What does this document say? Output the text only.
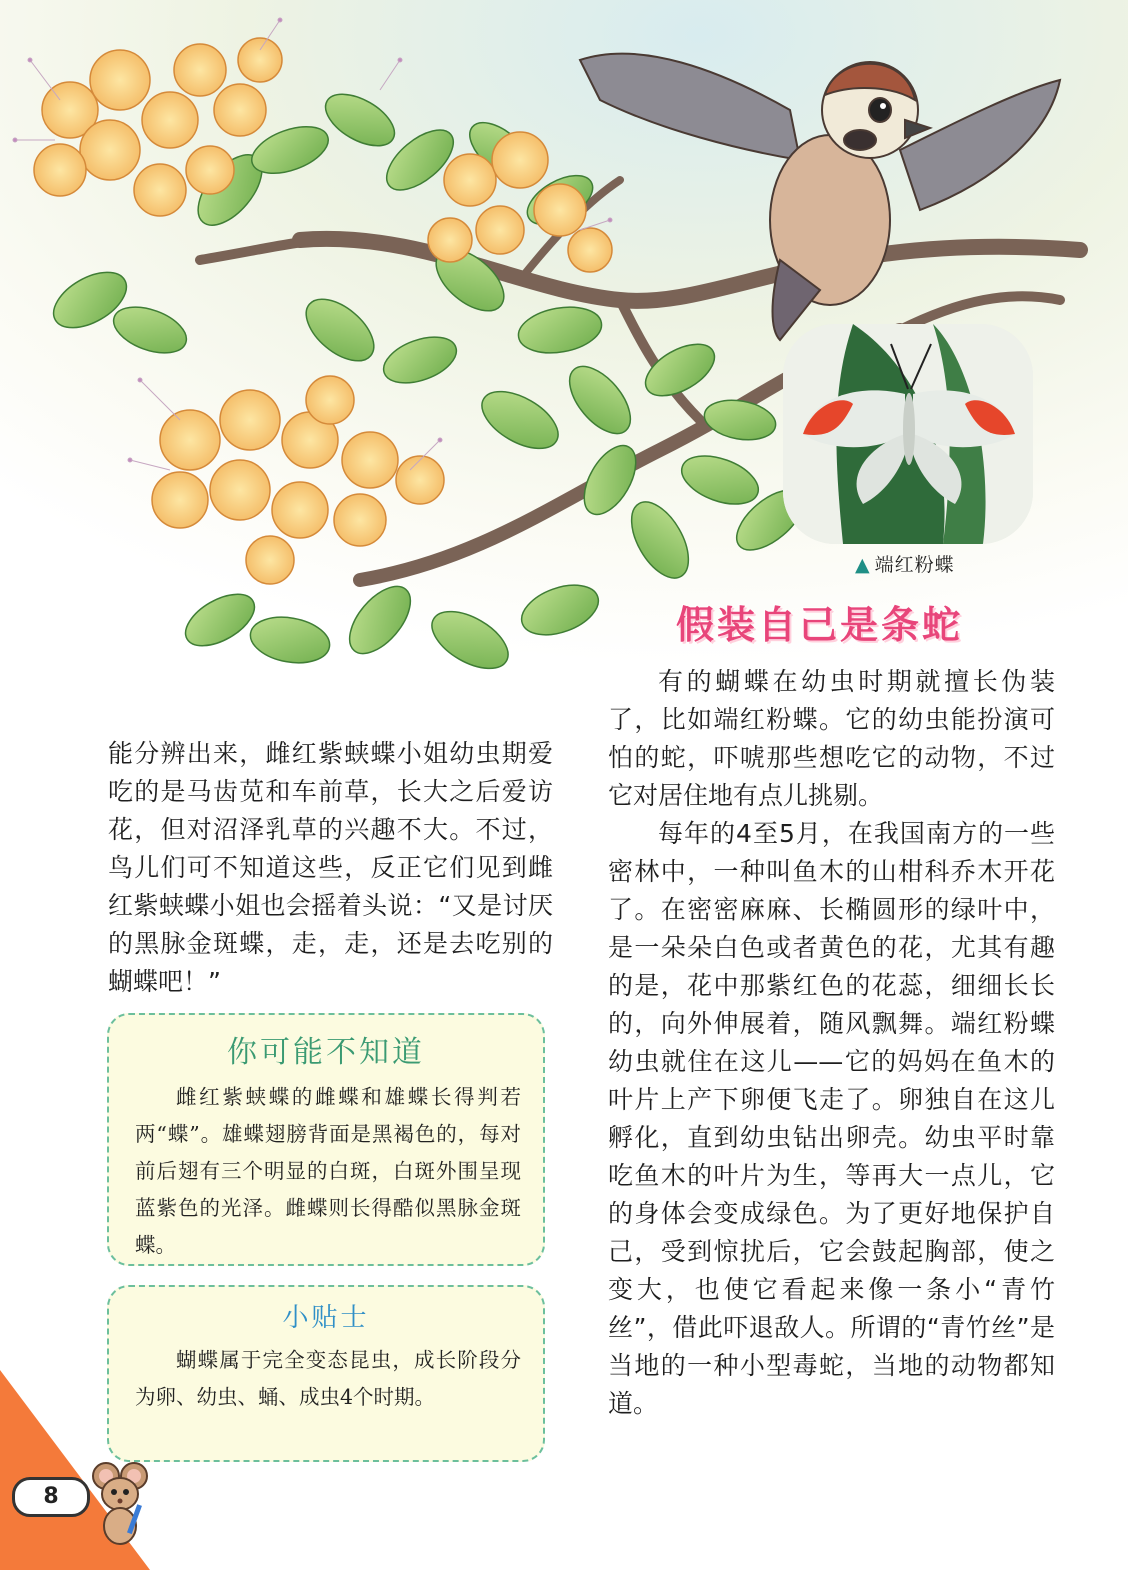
▲ 端红粉蝶
假装自己是条蛇

能分辨出来，雌红紫蛱蝶小姐幼虫期爱吃的是马齿苋和车前草，长大之后爱访花，但对沼泽乳草的兴趣不大。不过，鸟儿们可不知道这些，反正它们见到雌红紫蛱蝶小姐也会摇着头说：“又是讨厌的黑脉金斑蝶，走，走，还是去吃别的蝴蝶吧！”

你可能不知道

雌红紫蛱蝶的雌蝶和雄蝶长得判若两“蝶”。雄蝶翅膀背面是黑褐色的，每对前后翅有三个明显的白斑，白斑外围呈现蓝紫色的光泽。雌蝶则长得酷似黑脉金斑蝶。

小贴士

蝴蝶属于完全变态昆虫，成长阶段分为卵、幼虫、蛹、成虫4个时期。

有的蝴蝶在幼虫时期就擅长伪装了，比如端红粉蝶。它的幼虫能扮演可怕的蛇，吓唬那些想吃它的动物，不过它对居住地有点儿挑剔。

每年的4至5月，在我国南方的一些密林中，一种叫鱼木的山柑科乔木开花了。在密密麻麻、长椭圆形的绿叶中，是一朵朵白色或者黄色的花，尤其有趣的是，花中那紫红色的花蕊，细细长长的，向外伸展着，随风飘舞。端红粉蝶幼虫就住在这儿——它的妈妈在鱼木的叶片上产下卵便飞走了。卵独自在这儿孵化，直到幼虫钻出卵壳。幼虫平时靠吃鱼木的叶片为生，等再大一点儿，它的身体会变成绿色。为了更好地保护自己，受到惊扰后，它会鼓起胸部，使之变大，也使它看起来像一条小“青竹丝”，借此吓退敌人。所谓的“青竹丝”是当地的一种小型毒蛇，当地的动物都知道。

8
